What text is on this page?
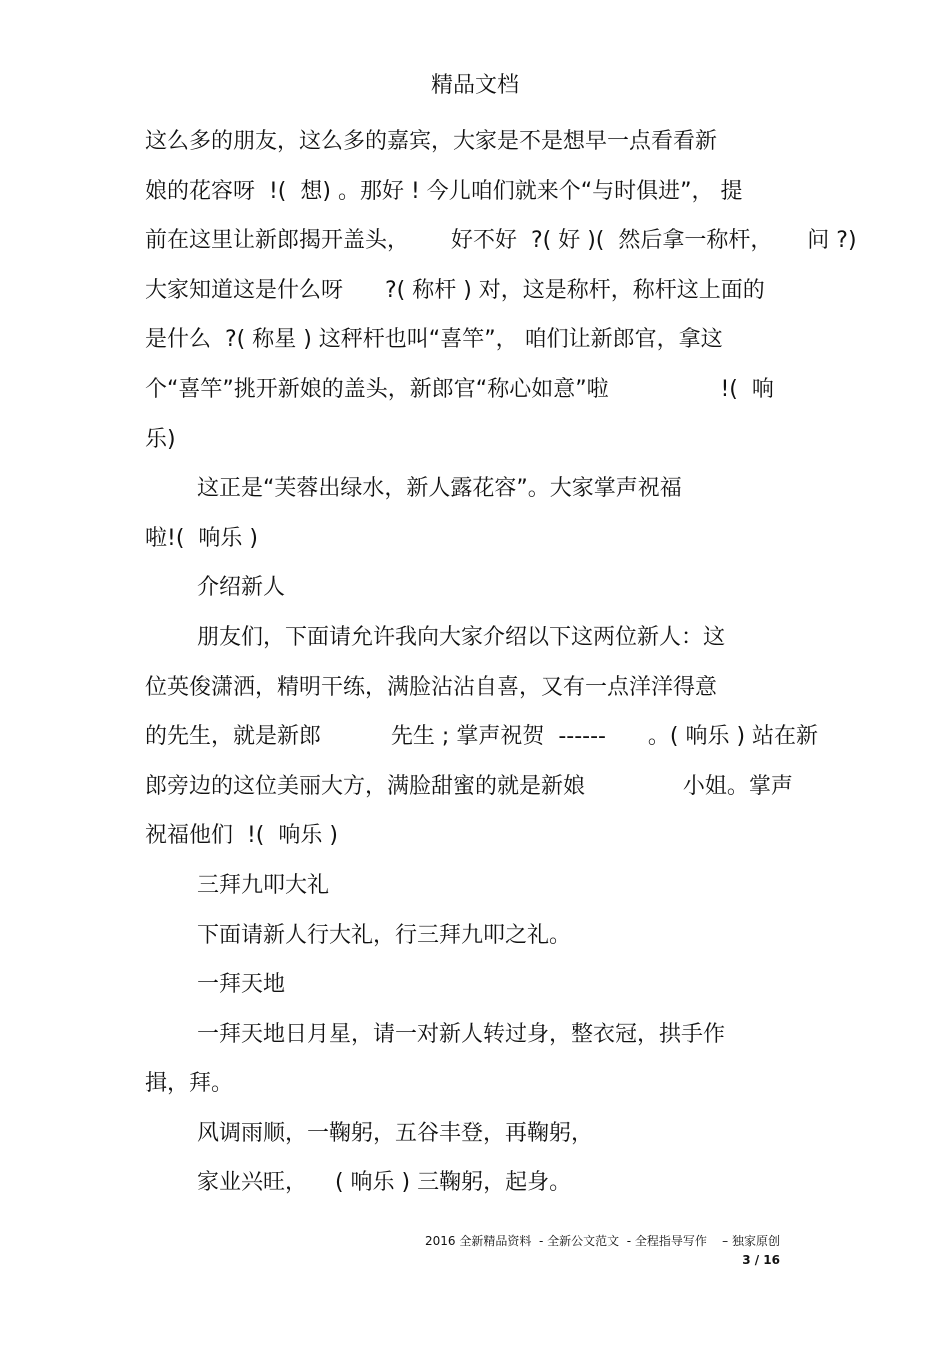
精品文档
这么多的朋友，这么多的嘉宾，大家是不是想早一点看看新
娘的花容呀  !(  想) 。那好 ! 今儿咱们就来个“与时俱进”， 提
前在这里让新郎揭开盖头，      好不好  ?( 好 )(  然后拿一称杆，     问 ?)
大家知道这是什么呀      ?( 称杆 ) 对，这是称杆，称杆这上面的
是什么  ?( 称星 ) 这秤杆也叫“喜竿”， 咱们让新郎官，拿这
个“喜竿”挑开新娘的盖头，新郎官“称心如意”啦                !(  响
乐)
这正是“芙蓉出绿水，新人露花容”。大家掌声祝福
啦!(  响乐 )
介绍新人
朋友们，下面请允许我向大家介绍以下这两位新人：这
位英俊潇洒，精明干练，满脸沾沾自喜，又有一点洋洋得意
的先生，就是新郎          先生 ; 掌声祝贺  ------      。( 响乐 ) 站在新
郎旁边的这位美丽大方，满脸甜蜜的就是新娘              小姐。掌声
祝福他们  !(  响乐 )
三拜九叩大礼
下面请新人行大礼，行三拜九叩之礼。
一拜天地
一拜天地日月星，请一对新人转过身，整衣冠，拱手作
揖，拜。
风调雨顺，一鞠躬，五谷丰登，再鞠躬，
家业兴旺，    ( 响乐 ) 三鞠躬，起身。
2016 全新精品资料  - 全新公文范文  - 全程指导写作    – 独家原创
3 / 16
